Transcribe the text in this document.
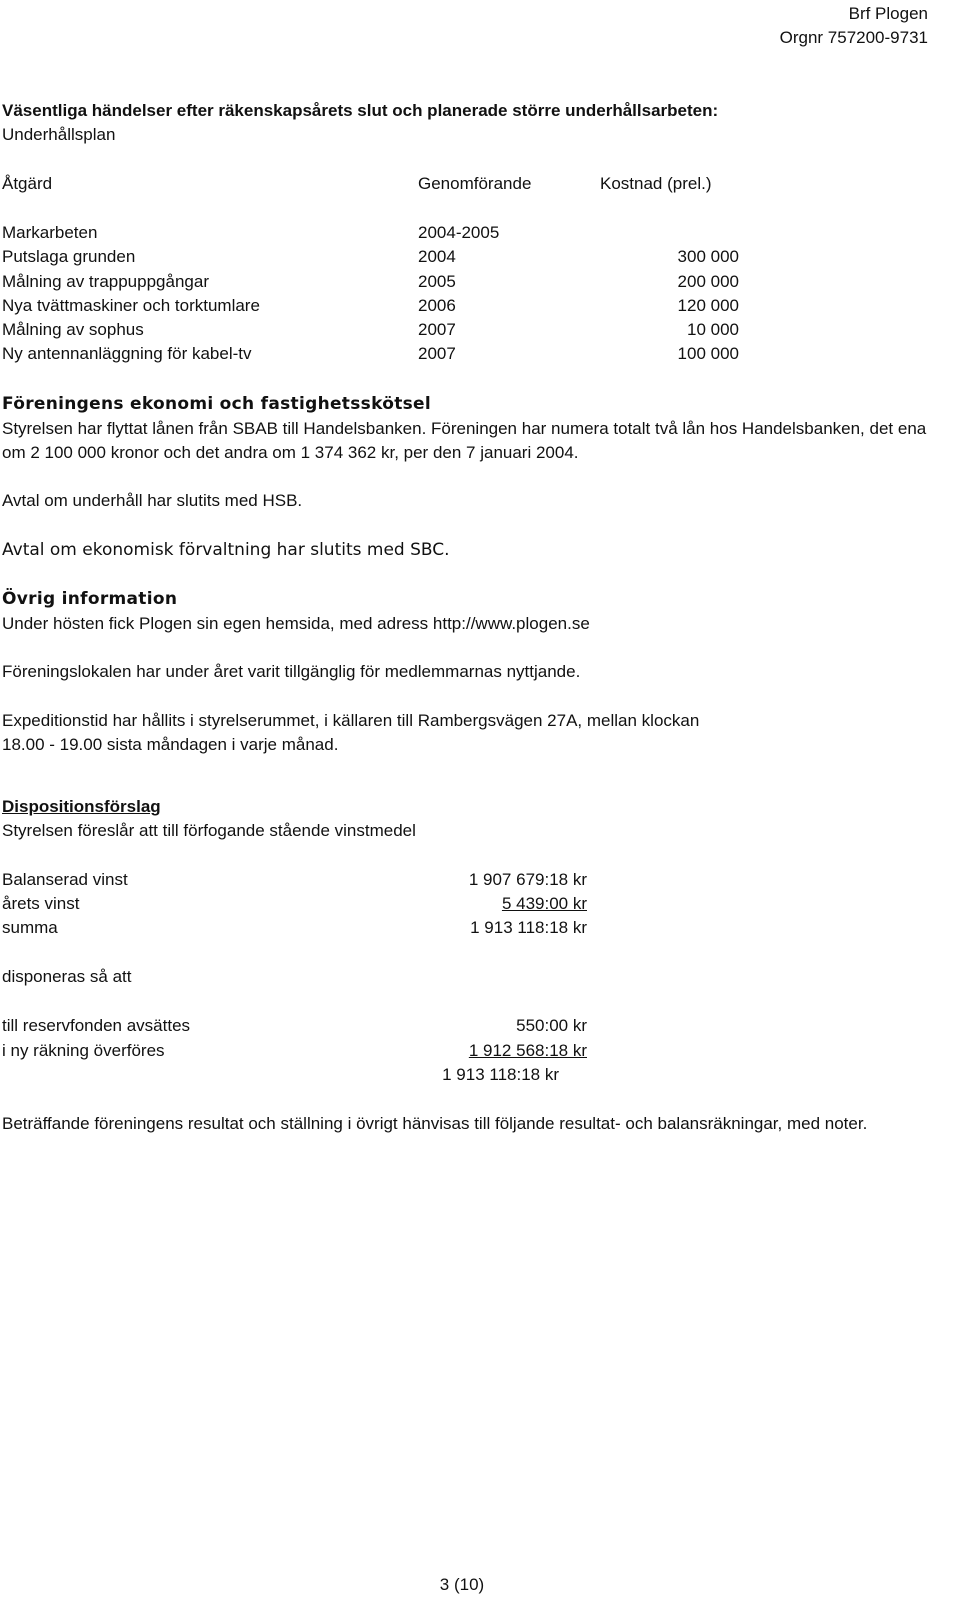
Brf Plogen
Orgnr 757200-9731
Väsentliga händelser efter räkenskapsårets slut och planerade större underhållsarbeten:
Underhållsplan
Åtgärd	Genomförande	Kostnad (prel.)
Markarbeten	2004-2005
Putslaga grunden	2004	300 000
Målning av trappuppgångar	2005	200 000
Nya tvättmaskiner och torktumlare	2006	120 000
Målning av sophus	2007	10 000
Ny antennanläggning för kabel-tv	2007	100 000
Föreningens ekonomi och fastighetsskötsel
Styrelsen har flyttat lånen från SBAB till Handelsbanken. Föreningen har numera totalt två lån hos Handelsbanken, det ena om 2 100 000 kronor och det andra om 1 374 362 kr, per den 7 januari 2004.
Avtal om underhåll har slutits med HSB.
Avtal om ekonomisk förvaltning har slutits med SBC.
Övrig information
Under hösten fick Plogen sin egen hemsida, med adress http://www.plogen.se
Föreningslokalen har under året varit tillgänglig för medlemmarnas nyttjande.
Expeditionstid har hållits i styrelserummet, i källaren till Rambergsvägen 27A, mellan klockan 18.00 - 19.00 sista måndagen i varje månad.
Dispositionsförslag
Styrelsen föreslår att till förfogande stående vinstmedel
Balanserad vinst	1 907 679:18 kr
årets vinst	5 439:00 kr
summa	1 913 118:18 kr
disponeras så att
till reservfonden avsättes	550:00 kr
i ny räkning överföres	1 912 568:18 kr
1 913 118:18 kr
Beträffande föreningens resultat och ställning i övrigt hänvisas till följande resultat- och balansräkningar, med noter.
3 (10)
